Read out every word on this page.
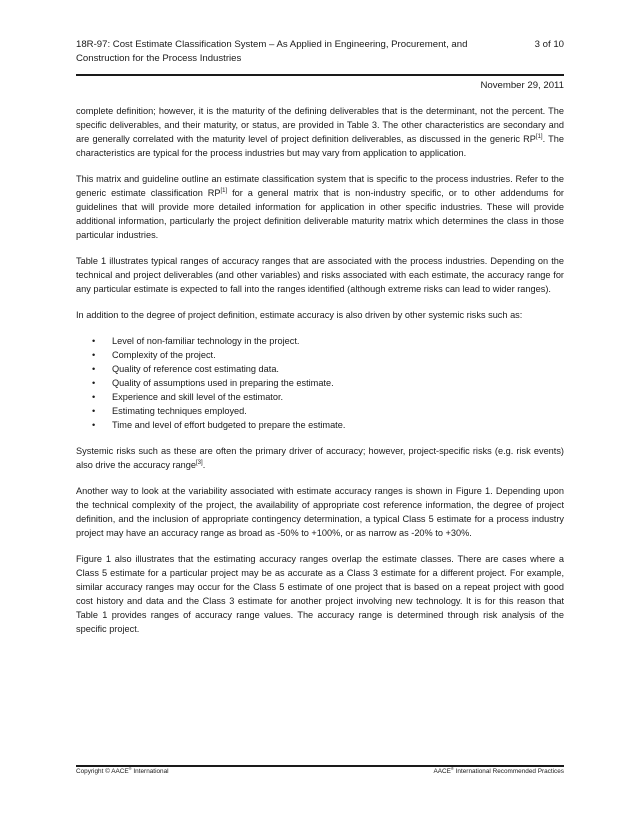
18R-97: Cost Estimate Classification System – As Applied in Engineering, Procurement, and Construction for the Process Industries
3 of 10
November 29, 2011

complete definition; however, it is the maturity of the defining deliverables that is the determinant, not the percent. The specific deliverables, and their maturity, or status, are provided in Table 3. The other characteristics are secondary and are generally correlated with the maturity level of project definition deliverables, as discussed in the generic RP[1]. The characteristics are typical for the process industries but may vary from application to application.

This matrix and guideline outline an estimate classification system that is specific to the process industries. Refer to the generic estimate classification RP[1] for a general matrix that is non-industry specific, or to other addendums for guidelines that will provide more detailed information for application in other specific industries. These will provide additional information, particularly the project definition deliverable maturity matrix which determines the class in those particular industries.

Table 1 illustrates typical ranges of accuracy ranges that are associated with the process industries. Depending on the technical and project deliverables (and other variables) and risks associated with each estimate, the accuracy range for any particular estimate is expected to fall into the ranges identified (although extreme risks can lead to wider ranges).

In addition to the degree of project definition, estimate accuracy is also driven by other systemic risks such as:

• Level of non-familiar technology in the project.
• Complexity of the project.
• Quality of reference cost estimating data.
• Quality of assumptions used in preparing the estimate.
• Experience and skill level of the estimator.
• Estimating techniques employed.
• Time and level of effort budgeted to prepare the estimate.

Systemic risks such as these are often the primary driver of accuracy; however, project-specific risks (e.g. risk events) also drive the accuracy range[3].

Another way to look at the variability associated with estimate accuracy ranges is shown in Figure 1. Depending upon the technical complexity of the project, the availability of appropriate cost reference information, the degree of project definition, and the inclusion of appropriate contingency determination, a typical Class 5 estimate for a process industry project may have an accuracy range as broad as -50% to +100%, or as narrow as -20% to +30%.

Figure 1 also illustrates that the estimating accuracy ranges overlap the estimate classes. There are cases where a Class 5 estimate for a particular project may be as accurate as a Class 3 estimate for a different project. For example, similar accuracy ranges may occur for the Class 5 estimate of one project that is based on a repeat project with good cost history and data and the Class 3 estimate for another project involving new technology. It is for this reason that Table 1 provides ranges of accuracy range values. The accuracy range is determined through risk analysis of the specific project.

Copyright © AACE® International	AACE® International Recommended Practices
